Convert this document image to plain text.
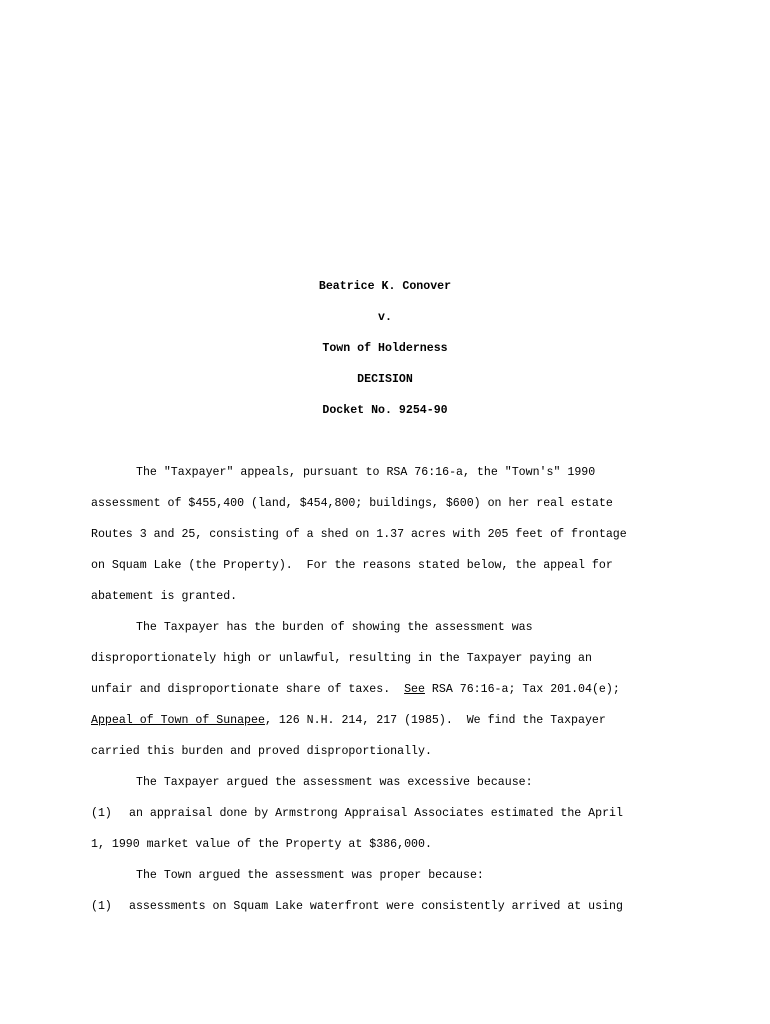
Beatrice K. Conover
v.
Town of Holderness
DECISION
Docket No. 9254-90
The "Taxpayer" appeals, pursuant to RSA 76:16-a, the "Town's" 1990
assessment of $455,400 (land, $454,800; buildings, $600) on her real estate
Routes 3 and 25, consisting of a shed on 1.37 acres with 205 feet of frontage
on Squam Lake (the Property).  For the reasons stated below, the appeal for
abatement is granted.
The Taxpayer has the burden of showing the assessment was
disproportionately high or unlawful, resulting in the Taxpayer paying an
unfair and disproportionate share of taxes.  See RSA 76:16-a; Tax 201.04(e);
Appeal of Town of Sunapee, 126 N.H. 214, 217 (1985).  We find the Taxpayer
carried this burden and proved disproportionally.
The Taxpayer argued the assessment was excessive because:
(1) an appraisal done by Armstrong Appraisal Associates estimated the April
1, 1990 market value of the Property at $386,000.
The Town argued the assessment was proper because:
(1) assessments on Squam Lake waterfront were consistently arrived at using
